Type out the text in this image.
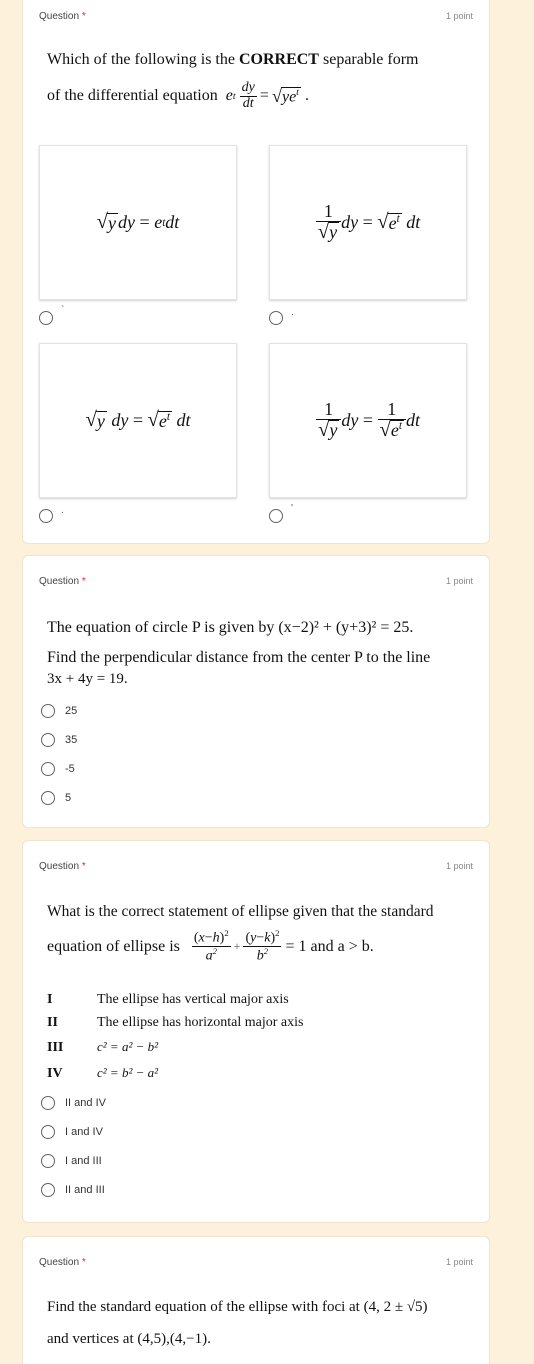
Question *	1 point
Which of the following is the CORRECT separable form
of the differential equation e t $\frac{dy}{dt}$ = √ $ye^t$ .
√ y dy = e t dt	$\frac{1}{√y}$ dy = √ $e^t$
dt
`	.
√ y
dy = √ $e^t$
dt	$\frac{1}{√y}$ dy = $\frac{1}{√e^t}$ dt
.	'
Question *	1 point
The equation of circle P is given by (x−2)² + (y+3)² = 25.
Find the perpendicular distance from the center P to the line
3x + 4y = 19.
25
35
-5
5
Question *	1 point
What is the correct statement of ellipse given that the standard
equation of ellipse is $\frac{(x-h)^2}{a^2} + \frac{(y-k)^2}{b^2} = 1$ and a > b.
I	The ellipse has vertical major axis
II	The ellipse has horizontal major axis
III	c² = a² − b²
IV	c² = b² − a²
II and IV
I and IV
I and III
II and III
Question *	1 point
Find the standard equation of the ellipse with foci at (4, 2 ± √5)
and vertices at (4,5),(4,−1).
